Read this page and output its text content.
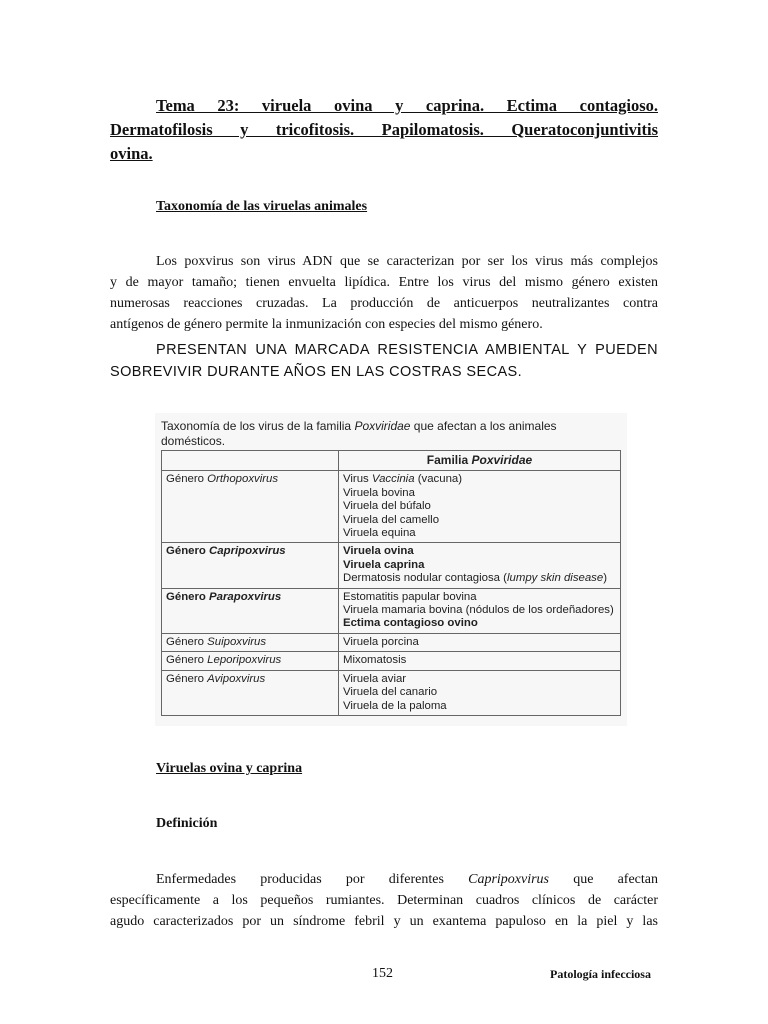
Tema 23: viruela ovina y caprina. Ectima contagioso.
Dermatofilosis y tricofitosis. Papilomatosis. Queratoconjuntivitis
ovina.
Taxonomía de las viruelas animales
Los poxvirus son virus ADN que se caracterizan por ser los virus más complejos
y de mayor tamaño; tienen envuelta lipídica. Entre los virus del mismo género existen
numerosas reacciones cruzadas. La producción de anticuerpos neutralizantes contra
antígenos de género permite la inmunización con especies del mismo género.
PRESENTAN UNA MARCADA RESISTENCIA AMBIENTAL Y PUEDEN
SOBREVIVIR DURANTE AÑOS EN LAS COSTRAS SECAS.
Taxonomía de los virus de la familia Poxviridae que afectan a los animales domésticos.
	Familia Poxviridae
Género Orthopoxvirus	Virus Vaccinia (vacuna)
Viruela bovina
Viruela del búfalo
Viruela del camello
Viruela equina

Género Capripoxvirus	Viruela ovina
Viruela caprina
Dermatosis nodular contagiosa (lumpy skin disease)

Género Parapoxvirus	Estomatitis papular bovina
Viruela mamaria bovina (nódulos de los ordeñadores)
Ectima contagioso ovino

Género Suipoxvirus	Viruela porcina

Género Leporipoxvirus	Mixomatosis

Género Avipoxvirus	Viruela aviar
Viruela del canario
Viruela de la paloma
Viruelas ovina y caprina
Definición
Enfermedades producidas por diferentes Capripoxvirus que afectan
específicamente a los pequeños rumiantes. Determinan cuadros clínicos de carácter
agudo caracterizados por un síndrome febril y un exantema papuloso en la piel y las
152	Patología infecciosa
